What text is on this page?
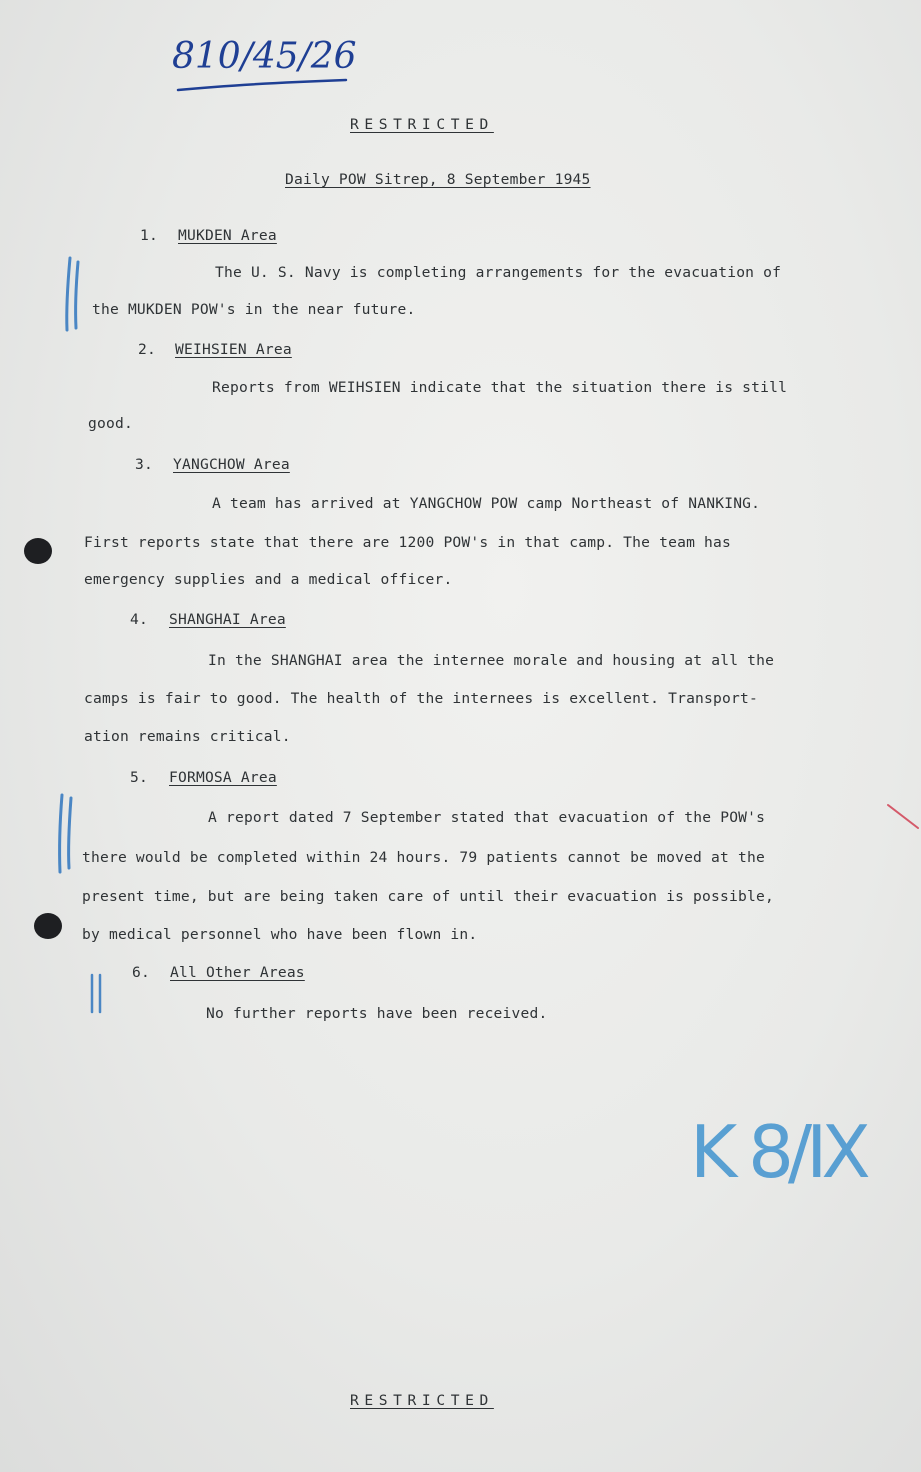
810/45/26

RESTRICTED

Daily POW Sitrep, 8 September 1945

1. MUKDEN Area

The U. S. Navy is completing arrangements for the evacuation of

the MUKDEN POW's in the near future.

2. WEIHSIEN Area

Reports from WEIHSIEN indicate that the situation there is still

good.

3. YANGCHOW Area

A team has arrived at YANGCHOW POW camp Northeast of NANKING.

First reports state that there are 1200 POW's in that camp. The team has

emergency supplies and a medical officer.

4. SHANGHAI Area

In the SHANGHAI area the internee morale and housing at all the

camps is fair to good. The health of the internees is excellent. Transport-

ation remains critical.

5. FORMOSA Area

A report dated 7 September stated that evacuation of the POW's

there would be completed within 24 hours. 79 patients cannot be moved at the

present time, but are being taken care of until their evacuation is possible,

by medical personnel who have been flown in.

6. All Other Areas

No further reports have been received.

RESTRICTED

K 8/IX
